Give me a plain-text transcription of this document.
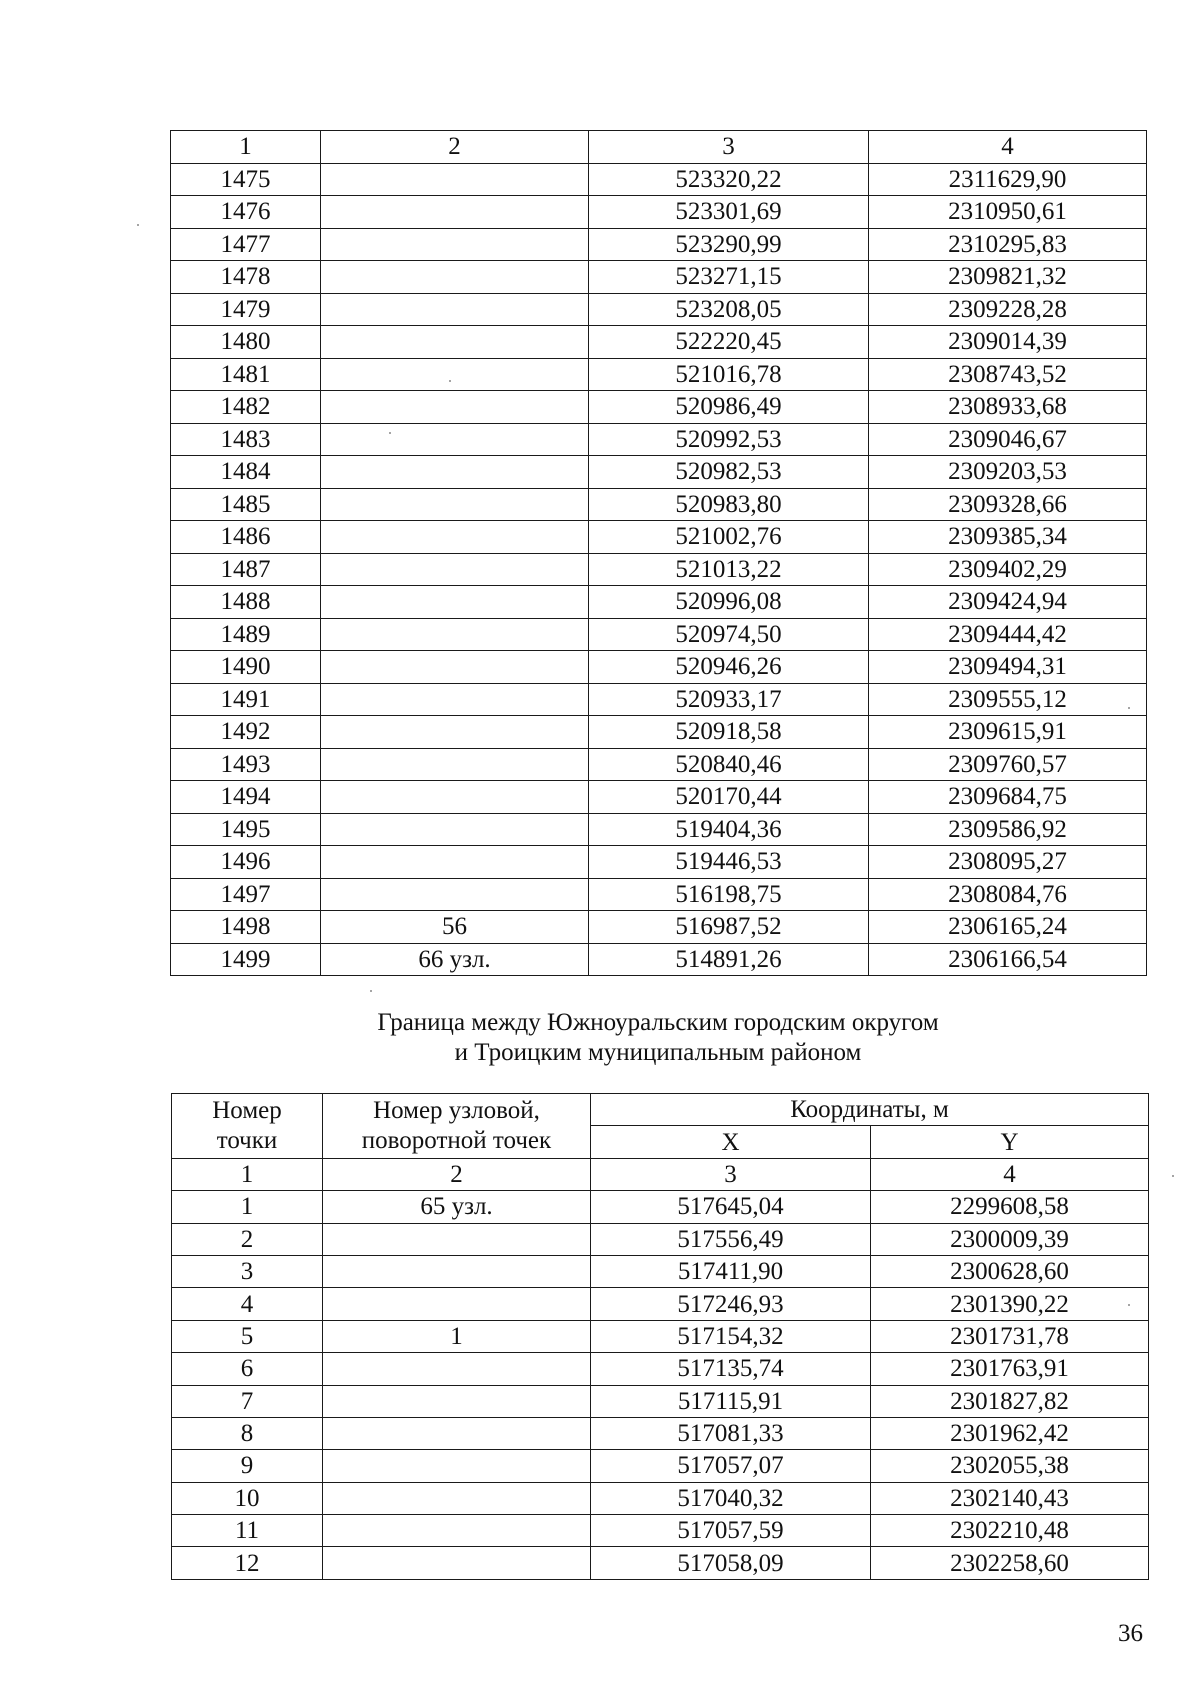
1	2	3	4
1475		523320,22	2311629,90
1476		523301,69	2310950,61
1477		523290,99	2310295,83
1478		523271,15	2309821,32
1479		523208,05	2309228,28
1480		522220,45	2309014,39
1481		521016,78	2308743,52
1482		520986,49	2308933,68
1483		520992,53	2309046,67
1484		520982,53	2309203,53
1485		520983,80	2309328,66
1486		521002,76	2309385,34
1487		521013,22	2309402,29
1488		520996,08	2309424,94
1489		520974,50	2309444,42
1490		520946,26	2309494,31
1491		520933,17	2309555,12
1492		520918,58	2309615,91
1493		520840,46	2309760,57
1494		520170,44	2309684,75
1495		519404,36	2309586,92
1496		519446,53	2308095,27
1497		516198,75	2308084,76
1498	56	516987,52	2306165,24
1499	66 узл.	514891,26	2306166,54
Граница между Южноуральским городским округом
и Троицким муниципальным районом
Номер точки	Номер узловой, поворотной точек	Координаты, м	
		X	Y
1	2	3	4
1	65 узл.	517645,04	2299608,58
2		517556,49	2300009,39
3		517411,90	2300628,60
4		517246,93	2301390,22
5	1	517154,32	2301731,78
6		517135,74	2301763,91
7		517115,91	2301827,82
8		517081,33	2301962,42
9		517057,07	2302055,38
10		517040,32	2302140,43
11		517057,59	2302210,48
12		517058,09	2302258,60
36
